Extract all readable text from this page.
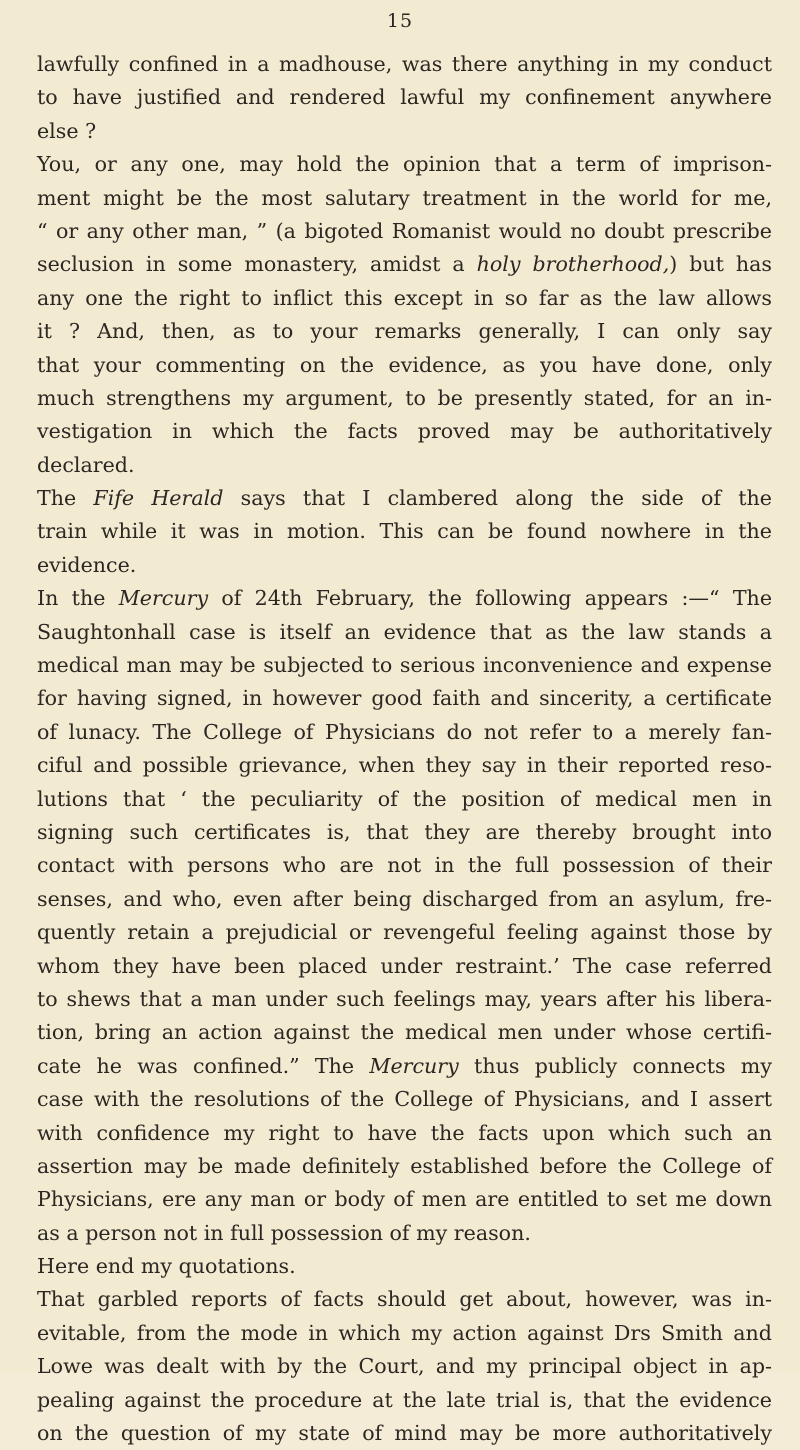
15
lawfully confined in a madhouse, was there anything in my conduct
to have justified and rendered lawful my confinement anywhere
else ?
You, or any one, may hold the opinion that a term of imprison-
ment might be the most salutary treatment in the world for me,
“ or any other man, ” (a bigoted Romanist would no doubt prescribe
seclusion in some monastery, amidst a holy brotherhood,) but has
any one the right to inflict this except in so far as the law allows
it ? And, then, as to your remarks generally, I can only say
that your commenting on the evidence, as you have done, only
much strengthens my argument, to be presently stated, for an in-
vestigation in which the facts proved may be authoritatively
declared.
The Fife Herald says that I clambered along the side of the
train while it was in motion. This can be found nowhere in the
evidence.
In the Mercury of 24th February, the following appears :—“ The
Saughtonhall case is itself an evidence that as the law stands a
medical man may be subjected to serious inconvenience and expense
for having signed, in however good faith and sincerity, a certificate
of lunacy. The College of Physicians do not refer to a merely fan-
ciful and possible grievance, when they say in their reported reso-
lutions that ‘ the peculiarity of the position of medical men in
signing such certificates is, that they are thereby brought into
contact with persons who are not in the full possession of their
senses, and who, even after being discharged from an asylum, fre-
quently retain a prejudicial or revengeful feeling against those by
whom they have been placed under restraint.’ The case referred
to shews that a man under such feelings may, years after his libera-
tion, bring an action against the medical men under whose certifi-
cate he was confined.” The Mercury thus publicly connects my
case with the resolutions of the College of Physicians, and I assert
with confidence my right to have the facts upon which such an
assertion may be made definitely established before the College of
Physicians, ere any man or body of men are entitled to set me down
as a person not in full possession of my reason.
Here end my quotations.
That garbled reports of facts should get about, however, was in-
evitable, from the mode in which my action against Drs Smith and
Lowe was dealt with by the Court, and my principal object in ap-
pealing against the procedure at the late trial is, that the evidence
on the question of my state of mind may be more authoritatively
